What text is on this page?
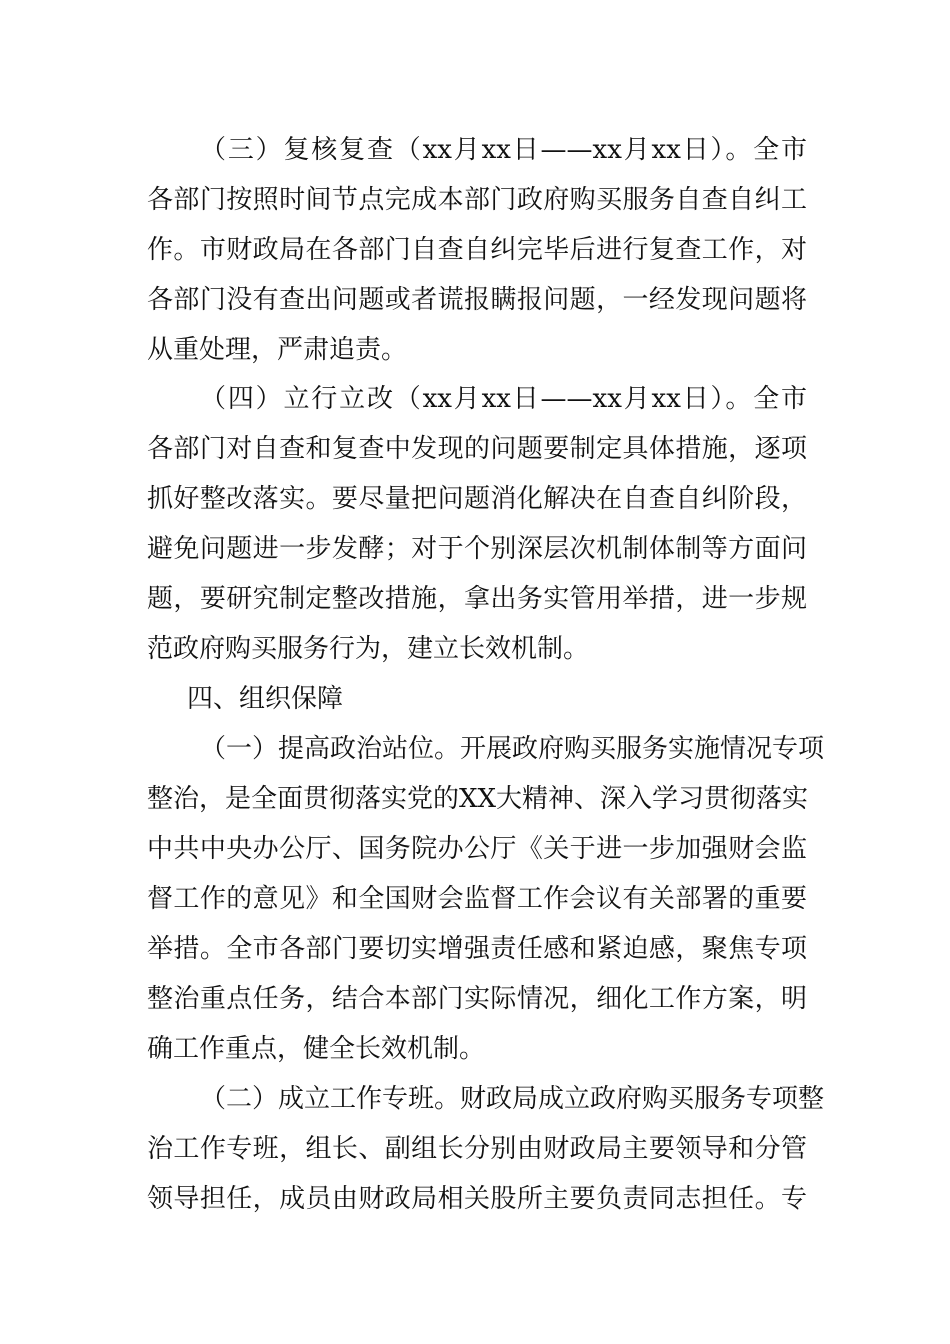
（三）复核复查（xx月xx日——xx月xx日）。全市
各部门按照时间节点完成本部门政府购买服务自查自纠工
作。市财政局在各部门自查自纠完毕后进行复查工作，对
各部门没有查出问题或者谎报瞒报问题，一经发现问题将
从重处理，严肃追责。
（四）立行立改（xx月xx日——xx月xx日）。全市
各部门对自查和复查中发现的问题要制定具体措施，逐项
抓好整改落实。要尽量把问题消化解决在自查自纠阶段，
避免问题进一步发酵；对于个别深层次机制体制等方面问
题，要研究制定整改措施，拿出务实管用举措，进一步规
范政府购买服务行为，建立长效机制。
四、组织保障
（一）提高政治站位。开展政府购买服务实施情况专项
整治，是全面贯彻落实党的XX大精神、深入学习贯彻落实
中共中央办公厅、国务院办公厅《关于进一步加强财会监
督工作的意见》和全国财会监督工作会议有关部署的重要
举措。全市各部门要切实增强责任感和紧迫感，聚焦专项
整治重点任务，结合本部门实际情况，细化工作方案，明
确工作重点，健全长效机制。
（二）成立工作专班。财政局成立政府购买服务专项整
治工作专班，组长、副组长分别由财政局主要领导和分管
领导担任，成员由财政局相关股所主要负责同志担任。专
